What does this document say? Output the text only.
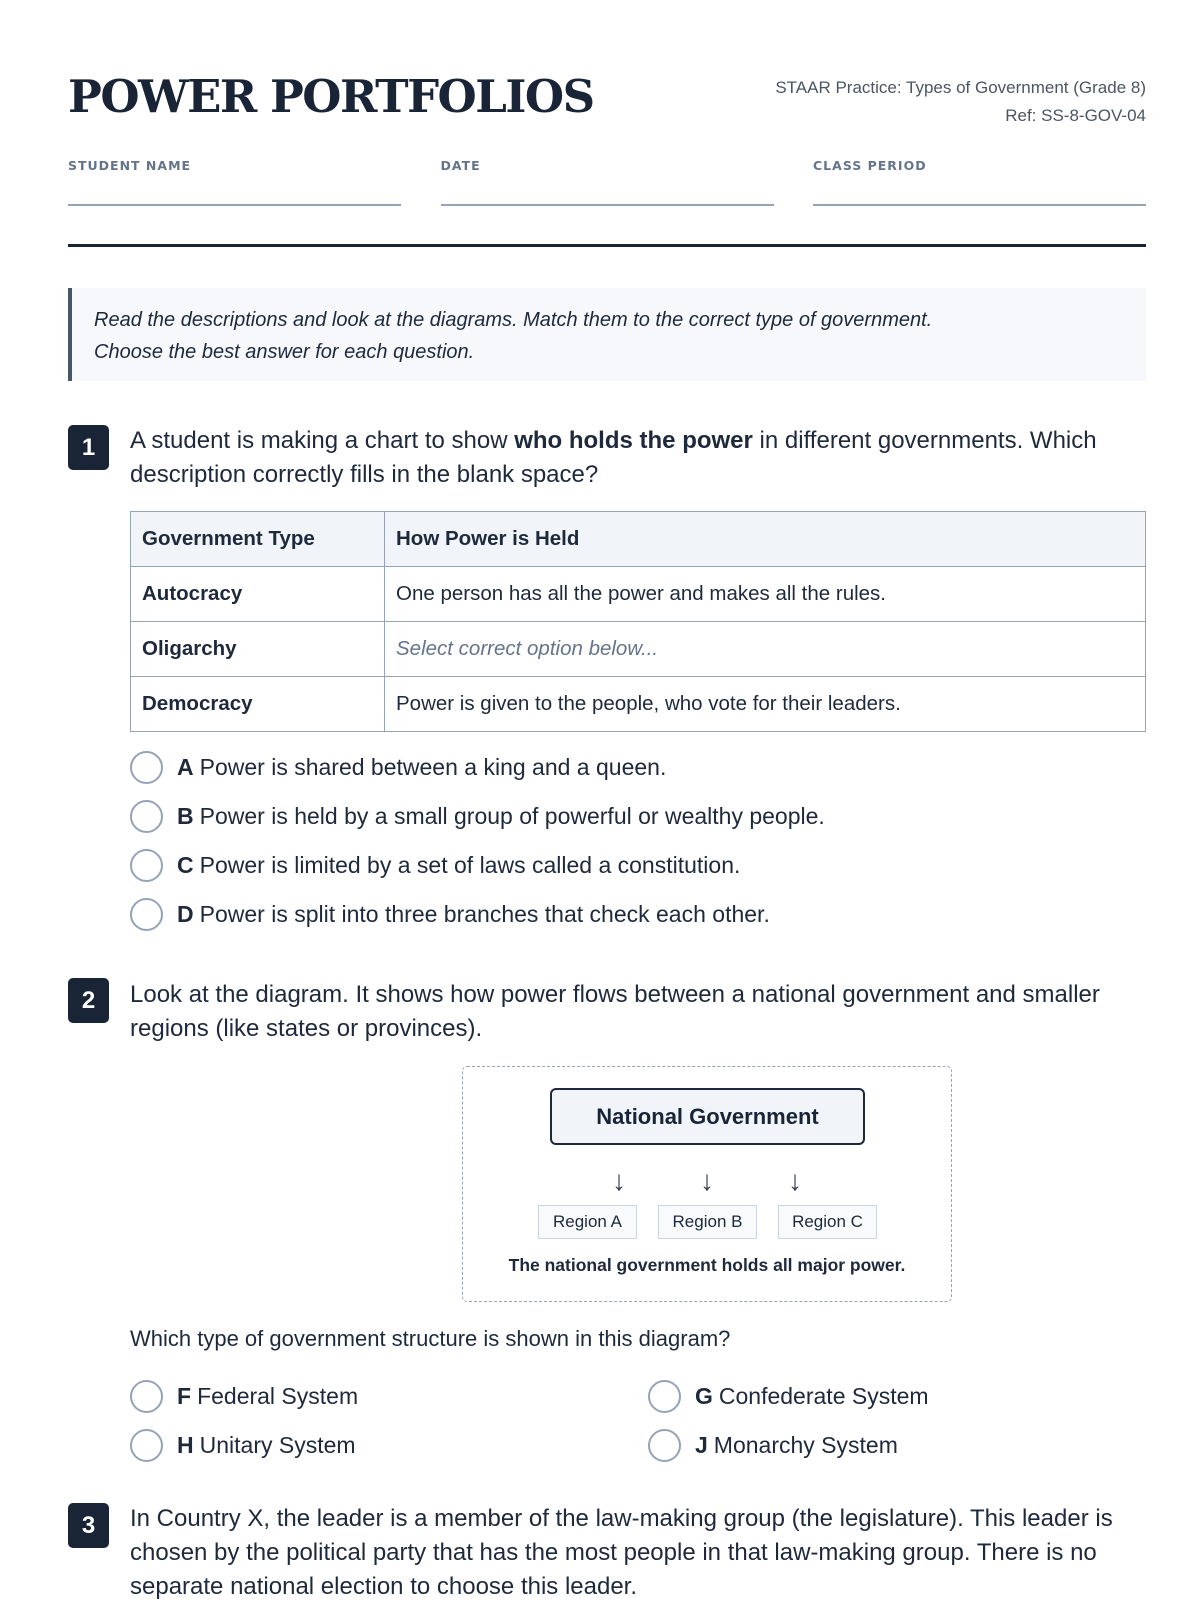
POWER PORTFOLIOS	STAAR Practice: Types of Government (Grade 8)
Ref: SS-8-GOV-04
STUDENT NAME	DATE	CLASS PERIOD
Read the descriptions and look at the diagrams. Match them to the correct type of government.
Choose the best answer for each question.
1	A student is making a chart to show who holds the power in different governments. Which description correctly fills in the blank space?
Government Type	How Power is Held
Autocracy	One person has all the power and makes all the rules.
Oligarchy	Select correct option below...
Democracy	Power is given to the people, who vote for their leaders.
A Power is shared between a king and a queen.
B Power is held by a small group of powerful or wealthy people.
C Power is limited by a set of laws called a constitution.
D Power is split into three branches that check each other.
2	Look at the diagram. It shows how power flows between a national government and smaller regions (like states or provinces).
National Government
↓	↓	↓
Region A	Region B	Region C
The national government holds all major power.
Which type of government structure is shown in this diagram?
F Federal System	G Confederate System
H Unitary System	J Monarchy System
3	In Country X, the leader is a member of the law-making group (the legislature). This leader is chosen by the political party that has the most people in that law-making group. There is no separate national election to choose this leader.
